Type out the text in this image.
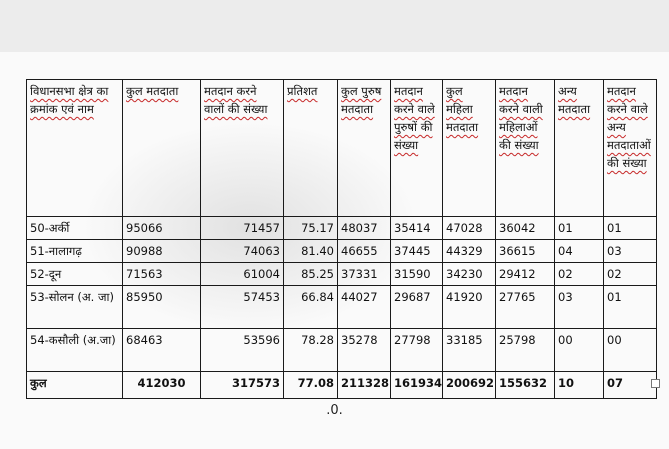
विधानसभा क्षेत्र का क्रमांक एवं नाम	कुल मतदाता	मतदान करने वालों की संख्या	प्रतिशत	कुल पुरुष मतदाता	मतदान करने वाले पुरुषों की संख्या	कुल महिला मतदाता	मतदान करने वाली महिलाओं की संख्या	अन्य मतदाता	मतदान करने वाले अन्य मतदाताओं की संख्या
50-अर्की	95066	71457	75.17	48037	35414	47028	36042	01	01
51-नालागढ़	90988	74063	81.40	46655	37445	44329	36615	04	03
52-दून	71563	61004	85.25	37331	31590	34230	29412	02	02
53-सोलन (अ. जा)	85950	57453	66.84	44027	29687	41920	27765	03	01
54-कसौली (अ.जा)	68463	53596	78.28	35278	27798	33185	25798	00	00
कुल	412030	317573	77.08	211328	161934	200692	155632	10	07
.0.
